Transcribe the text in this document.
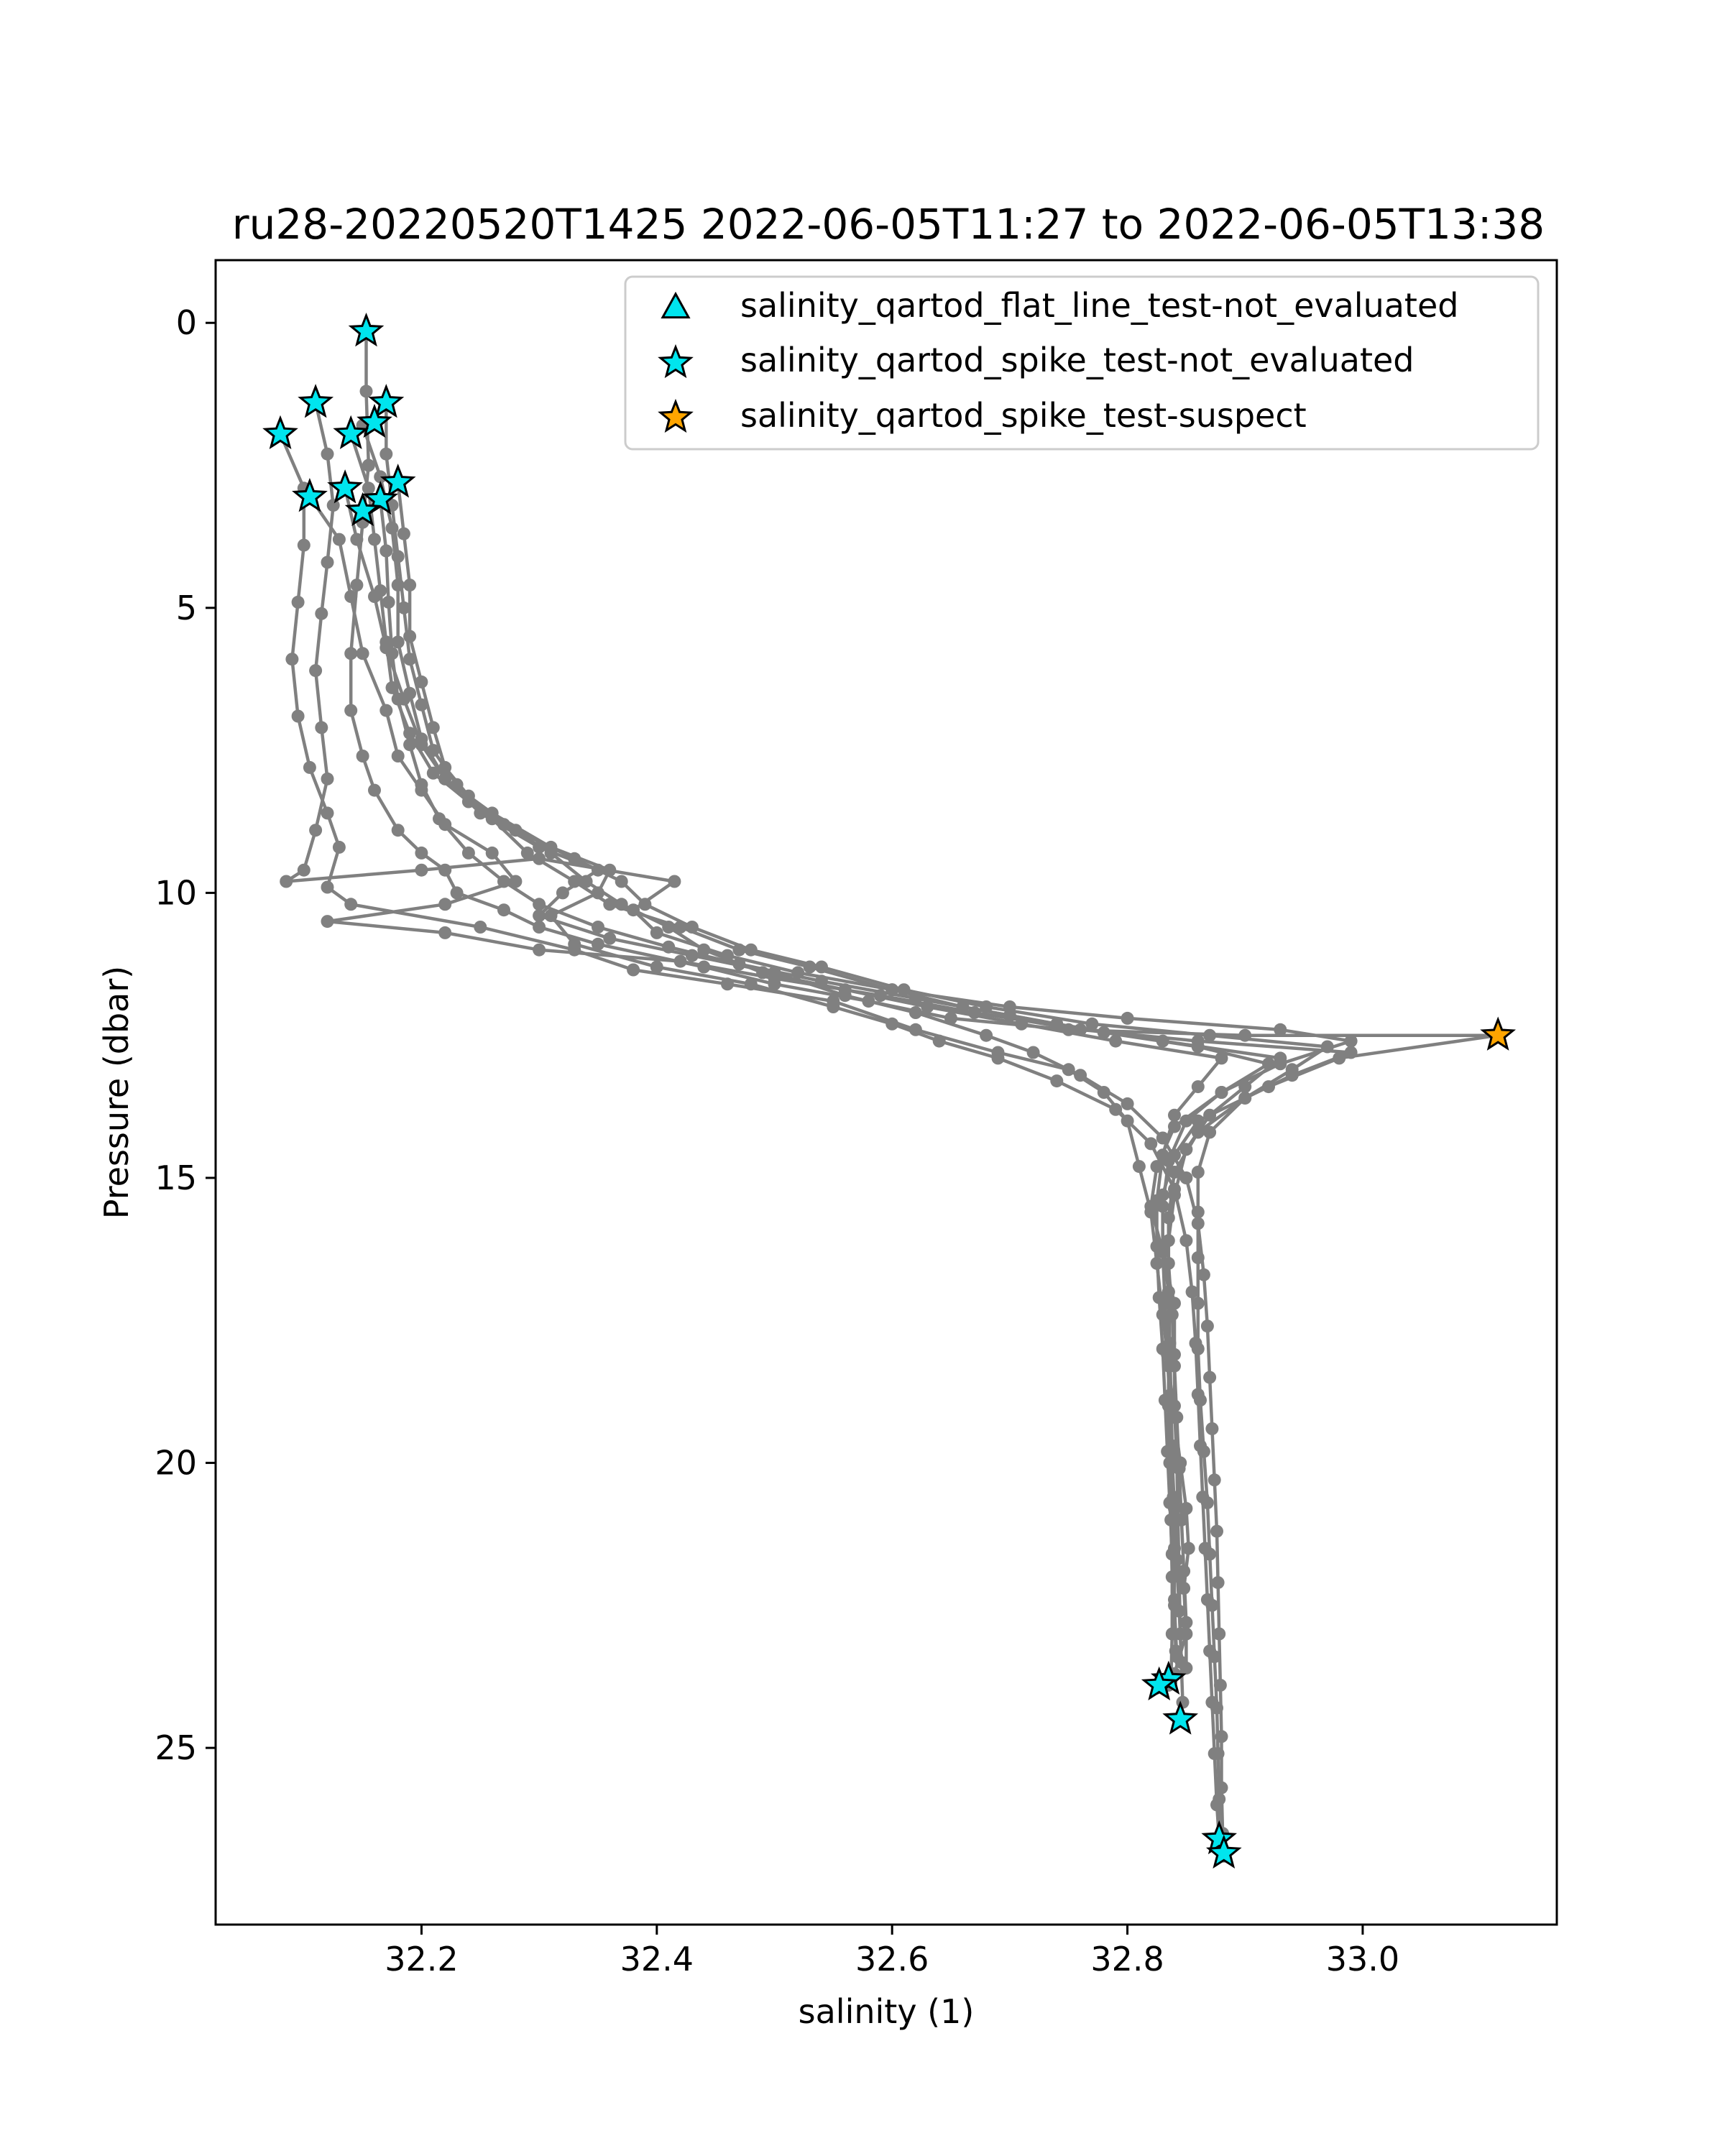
ru28-20220520T1425 2022-06-05T11:27 to 2022-06-05T13:38
32.2	32.4	32.6	32.8	33.0
0
5
10
15
20
25
salinity (1)
Pressure (dbar)
salinity_qartod_flat_line_test-not_evaluated
salinity_qartod_spike_test-not_evaluated
salinity_qartod_spike_test-suspect
